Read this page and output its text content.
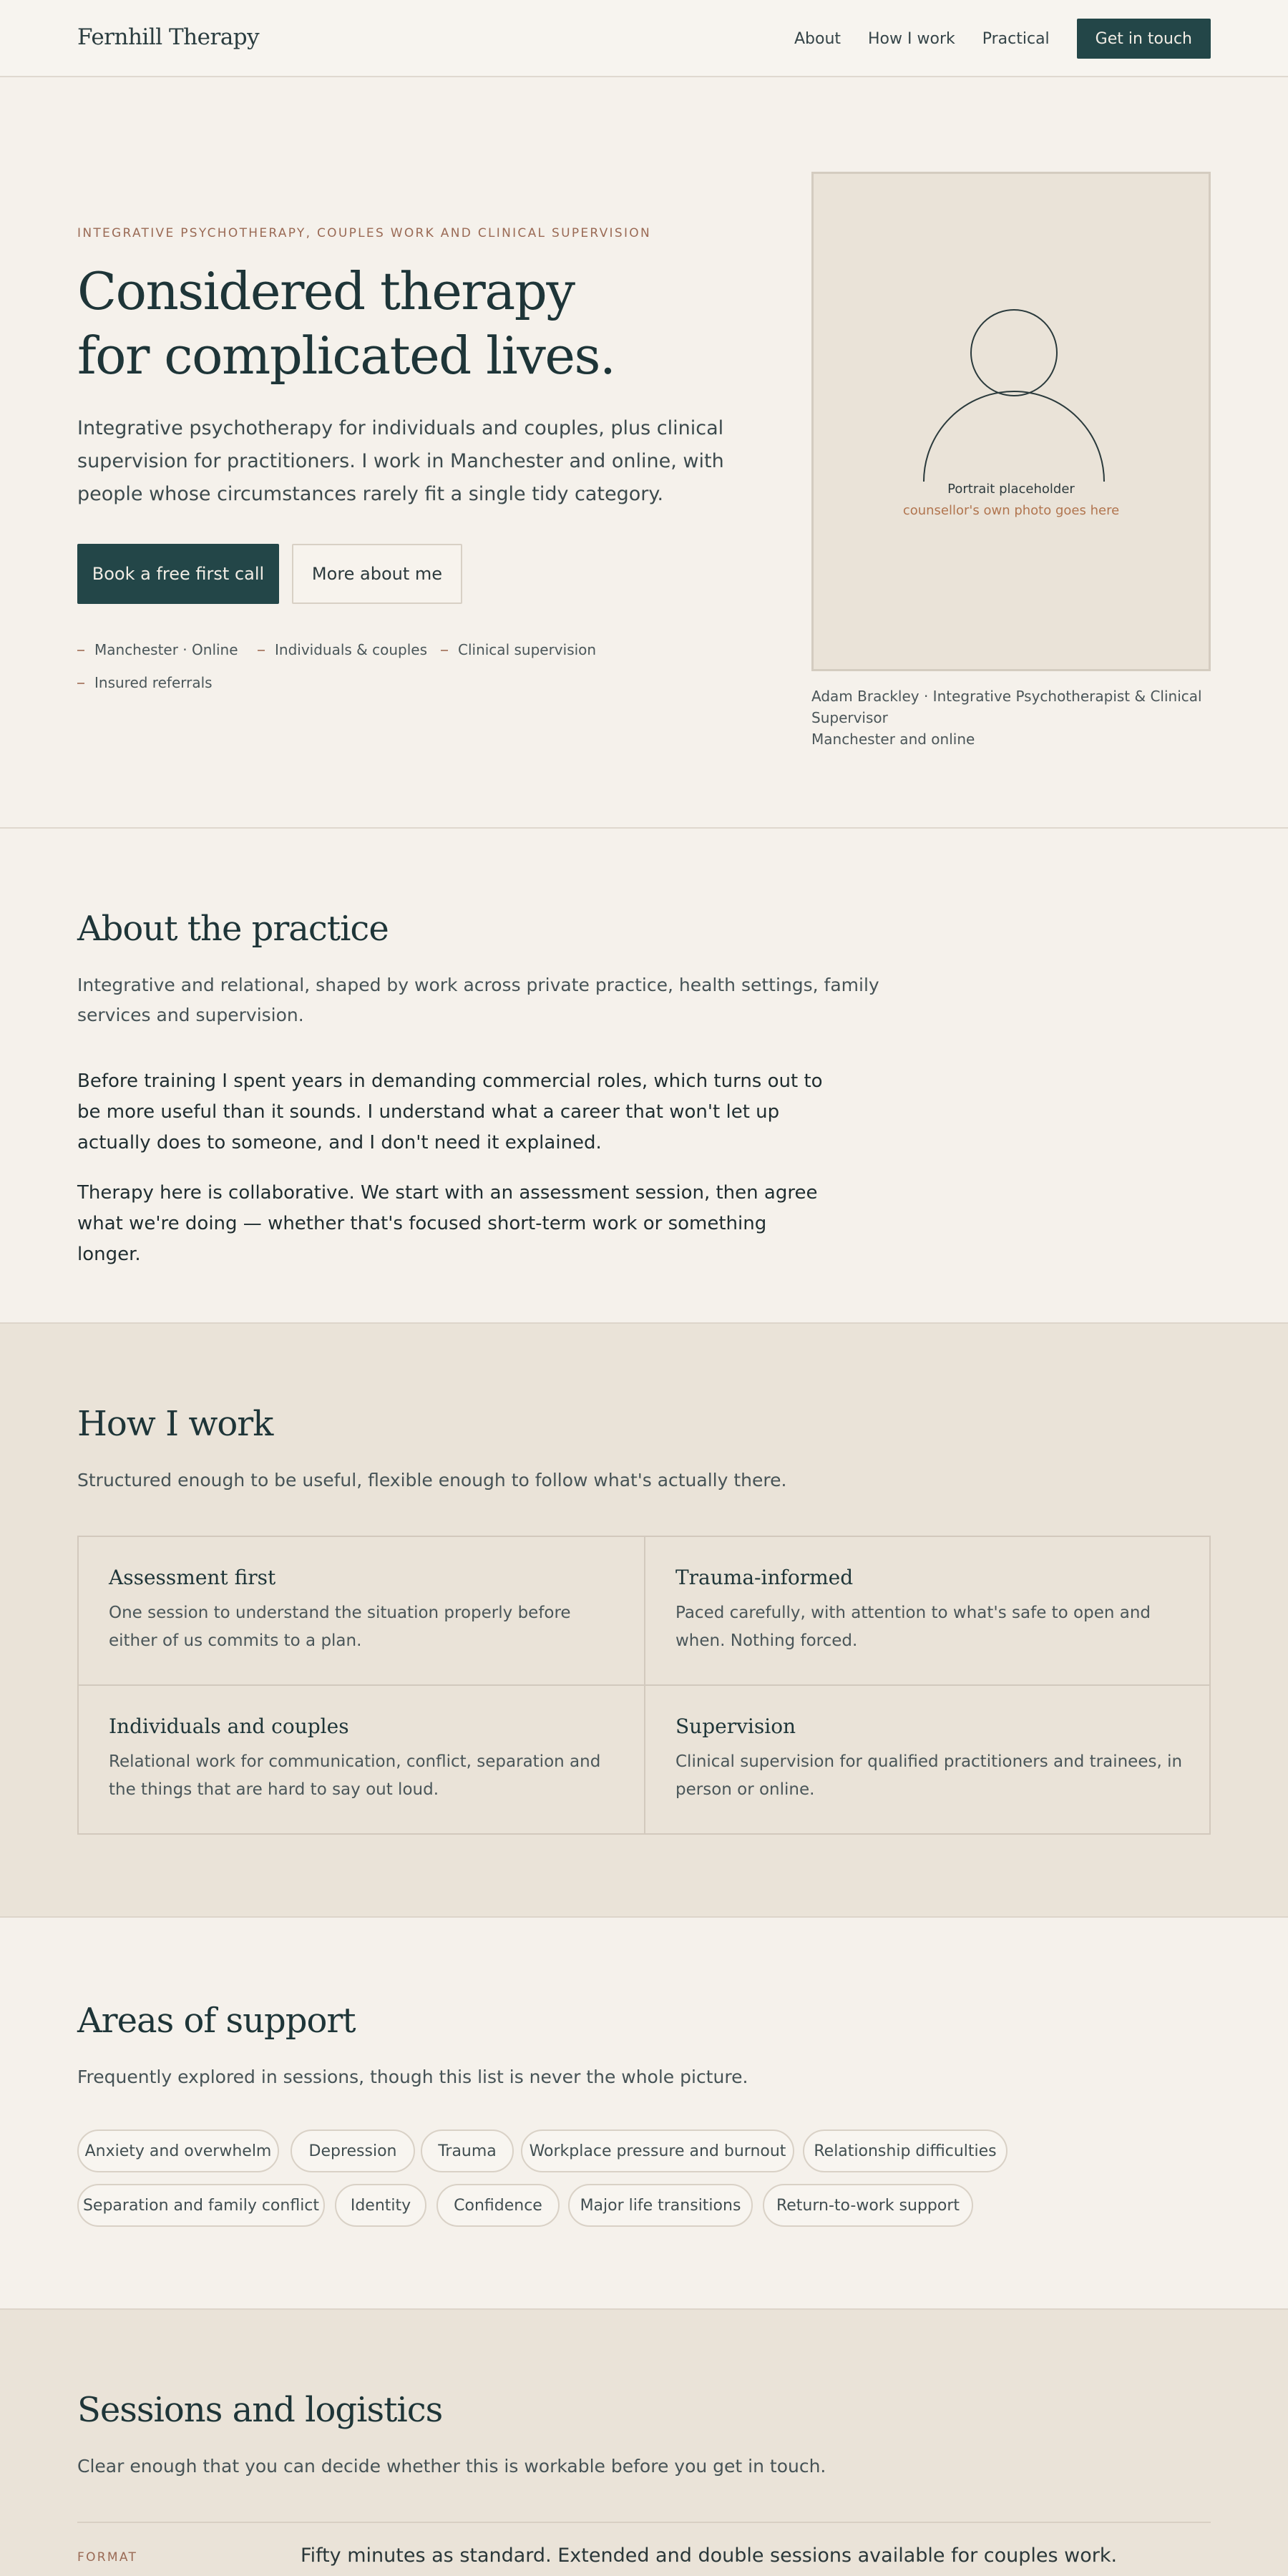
Fernhill Therapy	About How I work Practical	Get in touch
INTEGRATIVE PSYCHOTHERAPY, COUPLES WORK AND CLINICAL SUPERVISION
Considered therapy
for complicated lives.
Integrative psychotherapy for individuals and couples, plus clinical supervision for practitioners. I work in Manchester and online, with people whose circumstances rarely fit a single tidy category.
Book a free first call	More about me
Manchester · Online	Individuals & couples Clinical supervision
Insured referrals
Portrait placeholder
counsellor's own photo goes here
Adam Brackley · Integrative Psychotherapist & Clinical
Supervisor
Manchester and online
About the practice
Integrative and relational, shaped by work across private practice, health settings, family services and supervision.
Before training I spent years in demanding commercial roles, which turns out to be more useful than it sounds. I understand what a career that won't let up actually does to someone, and I don't need it explained.
Therapy here is collaborative. We start with an assessment session, then agree what we're doing — whether that's focused short-term work or something longer.
How I work
Structured enough to be useful, flexible enough to follow what's actually there.
Assessment first

One session to understand the situation properly before either of us commits to a plan.

Trauma-informed

Paced carefully, with attention to what's safe to open and when. Nothing forced.

Individuals and couples

Relational work for communication, conflict, separation and the things that are hard to say out loud.

Supervision

Clinical supervision for qualified practitioners and trainees, in person or online.

Areas of support
Frequently explored in sessions, though this list is never the whole picture.
Anxiety and overwhelm	Depression	Trauma	Workplace pressure and burnout	Relationship difficulties
Separation and family conflict	Identity	Confidence	Major life transitions	Return-to-work support
Sessions and logistics
Clear enough that you can decide whether this is workable before you get in touch.
FORMAT	Fifty minutes as standard. Extended and double sessions available for couples work.
